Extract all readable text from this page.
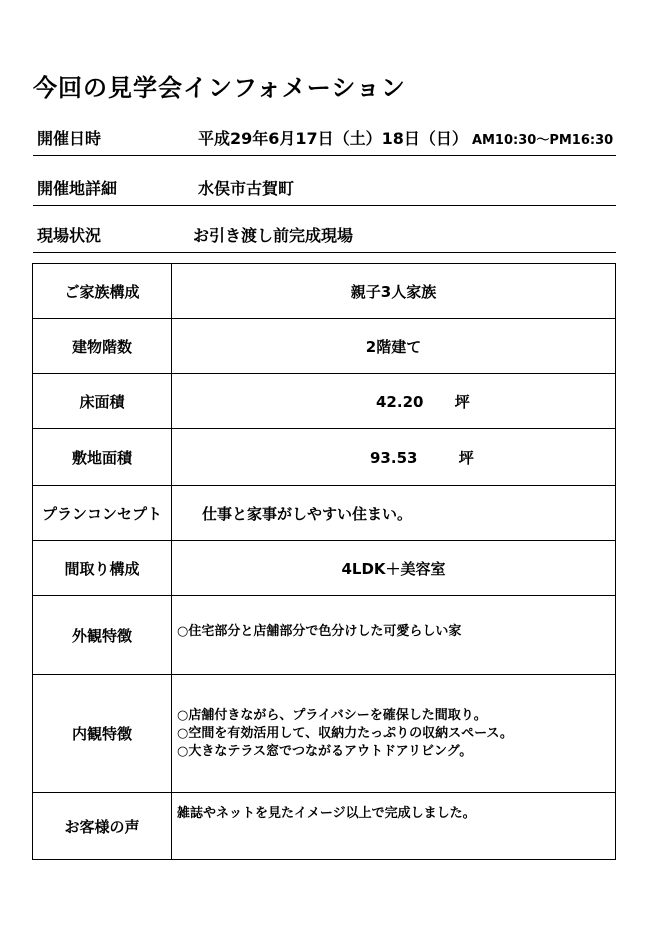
今回の見学会インフォメーション
開催日時	平成29年6月17日（土）18日（日） AM10:30～PM16:30
開催地詳細	水俣市古賀町
現場状況	お引き渡し前完成現場
ご家族構成	親子3人家族
建物階数	2階建て
床面積	42.20 坪
敷地面積	93.53 坪
プランコンセプト	仕事と家事がしやすい住まい。
間取り構成	4LDK＋美容室
外観特徴	○住宅部分と店舗部分で色分けした可愛らしい家

内観特徴	○店舗付きながら、プライバシーを確保した間取り。
○空間を有効活用して、収納力たっぷりの収納スペース。
○大きなテラス窓でつながるアウトドアリビング。

お客様の声	雑誌やネットを見たイメージ以上で完成しました。
